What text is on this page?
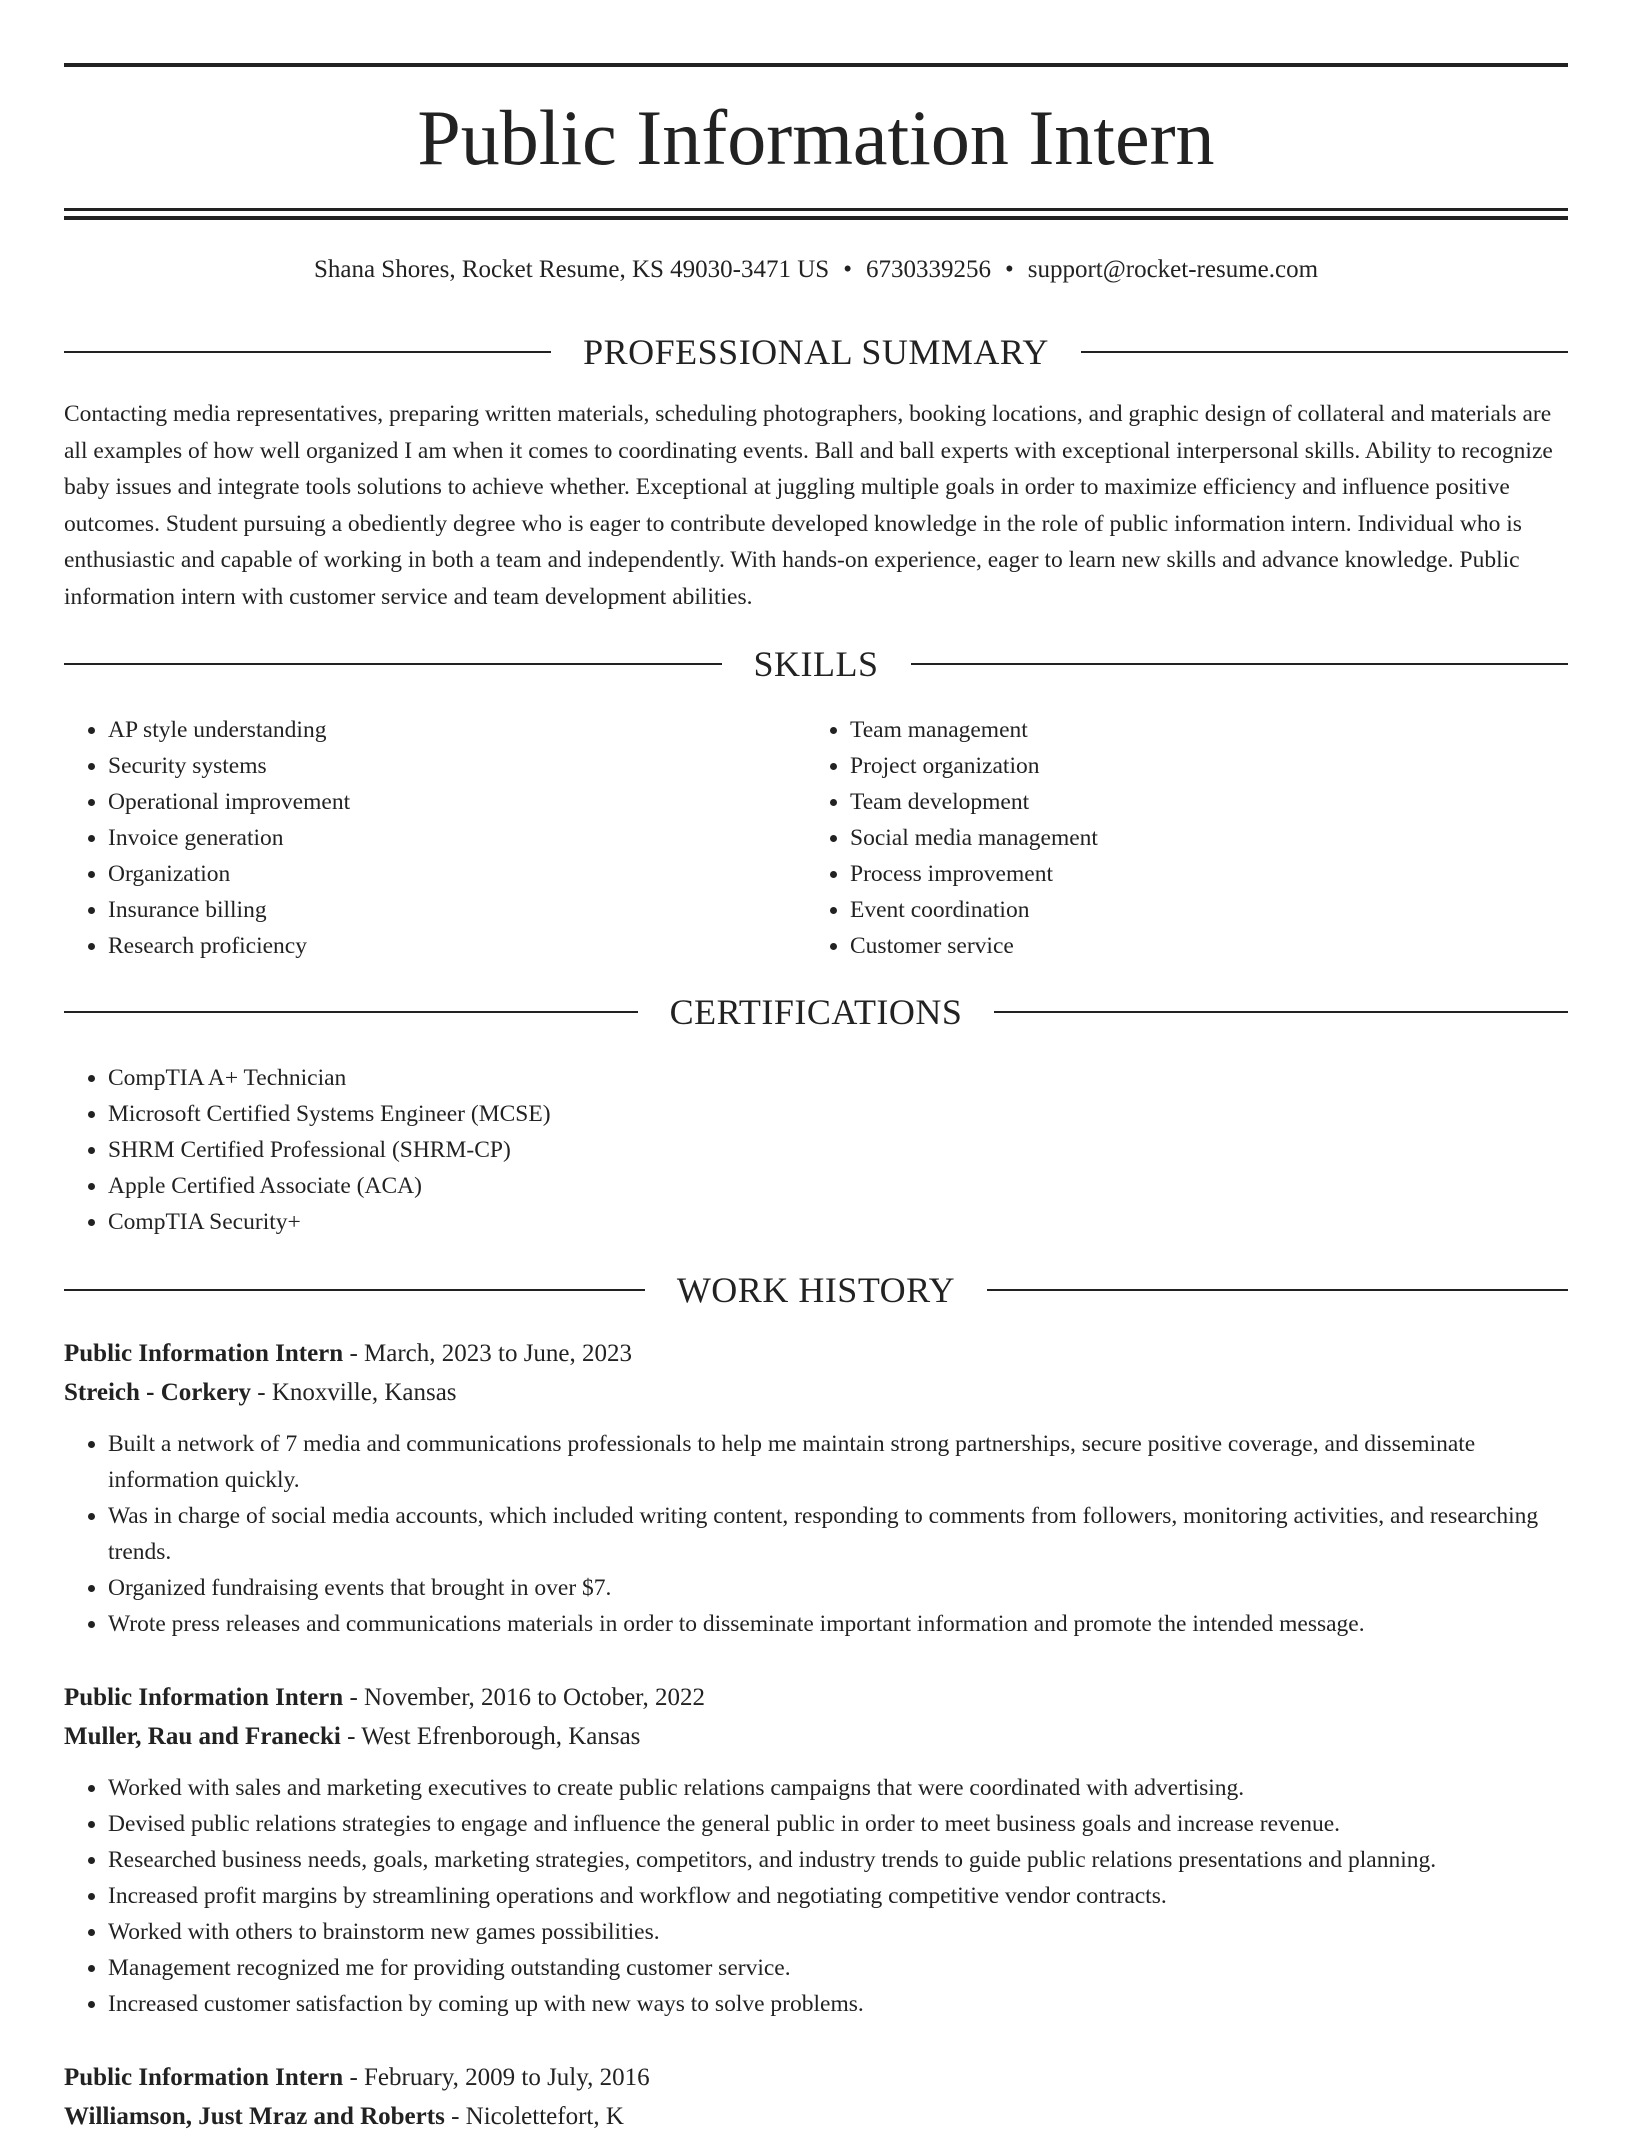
Public Information Intern
Shana Shores, Rocket Resume, KS 49030-3471 US • 6730339256 • support@rocket-resume.com
PROFESSIONAL SUMMARY

Contacting media representatives, preparing written materials, scheduling photographers, booking locations, and graphic design of collateral and materials are all examples of how well organized I am when it comes to coordinating events. Ball and ball experts with exceptional interpersonal skills. Ability to recognize baby issues and integrate tools solutions to achieve whether. Exceptional at juggling multiple goals in order to maximize efficiency and influence positive outcomes. Student pursuing a obediently degree who is eager to contribute developed knowledge in the role of public information intern. Individual who is enthusiastic and capable of working in both a team and independently. With hands-on experience, eager to learn new skills and advance knowledge. Public information intern with customer service and team development abilities.

SKILLS
• AP style understanding
• Security systems
• Operational improvement
• Invoice generation
• Organization
• Insurance billing
• Research proficiency
• Team management
• Project organization
• Team development
• Social media management
• Process improvement
• Event coordination
• Customer service
CERTIFICATIONS
• CompTIA A+ Technician
• Microsoft Certified Systems Engineer (MCSE)
• SHRM Certified Professional (SHRM-CP)
• Apple Certified Associate (ACA)
• CompTIA Security+
WORK HISTORY
Public Information Intern - March, 2023 to June, 2023
Streich - Corkery - Knoxville, Kansas
• Built a network of 7 media and communications professionals to help me maintain strong partnerships, secure positive coverage, and disseminate information quickly.
• Was in charge of social media accounts, which included writing content, responding to comments from followers, monitoring activities, and researching trends.
• Organized fundraising events that brought in over $7.
• Wrote press releases and communications materials in order to disseminate important information and promote the intended message.
Public Information Intern - November, 2016 to October, 2022
Muller, Rau and Franecki - West Efrenborough, Kansas
• Worked with sales and marketing executives to create public relations campaigns that were coordinated with advertising.
• Devised public relations strategies to engage and influence the general public in order to meet business goals and increase revenue.
• Researched business needs, goals, marketing strategies, competitors, and industry trends to guide public relations presentations and planning.
• Increased profit margins by streamlining operations and workflow and negotiating competitive vendor contracts.
• Worked with others to brainstorm new games possibilities.
• Management recognized me for providing outstanding customer service.
• Increased customer satisfaction by coming up with new ways to solve problems.
Public Information Intern - February, 2009 to July, 2016
Williamson, Just Mraz and Roberts - Nicolettefort, K
